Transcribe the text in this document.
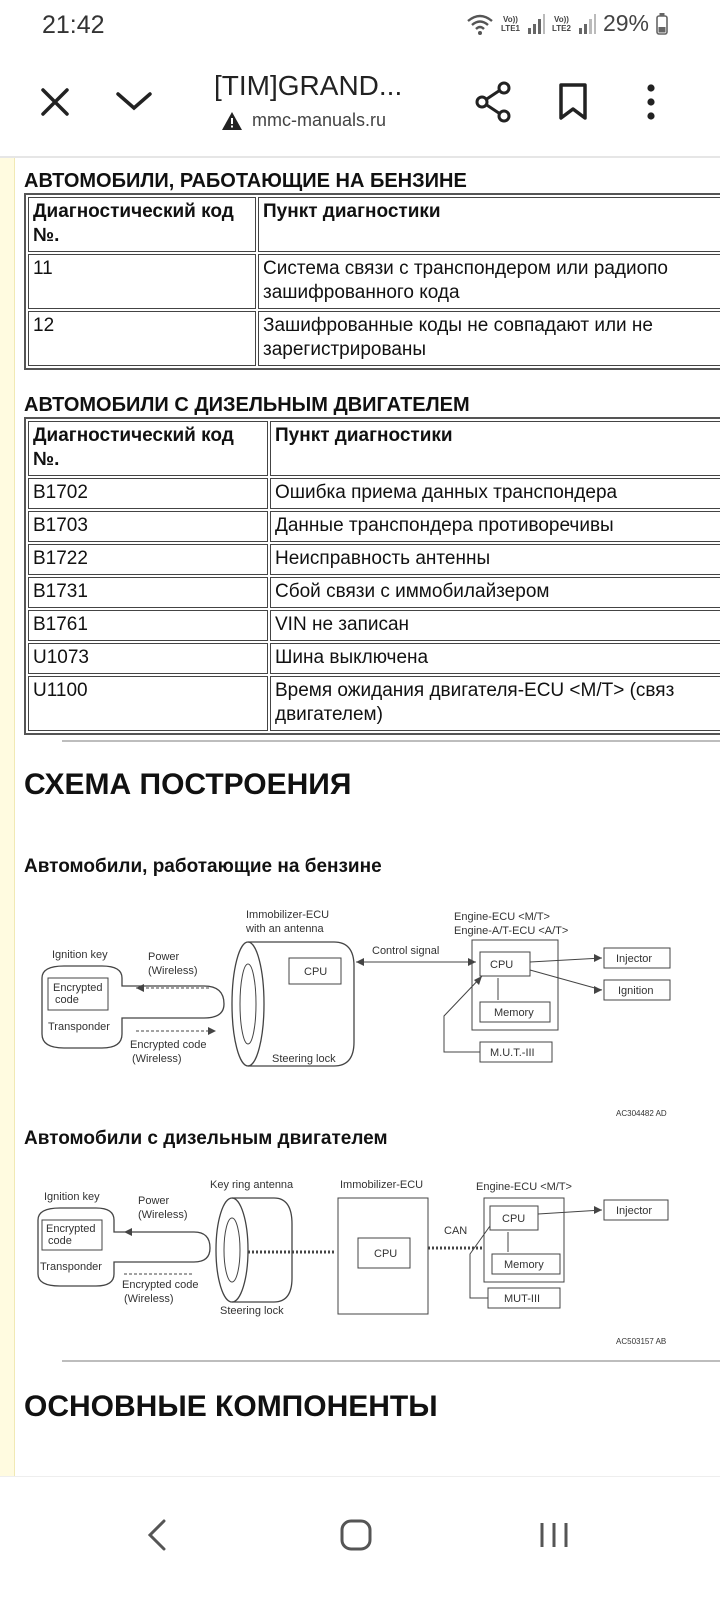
21:42	Vo))
LTE1
Vo))
LTE2 29%
[TIM]GRAND...
mmc-manuals.ru
АВТОМОБИЛИ, РАБОТАЮЩИЕ НА БЕНЗИНЕ
Диагностический код №.	Пункт диагностики
11	Система связи с транспондером или радиопо зашифрованного кода
12	Зашифрованные коды не совпадают или не зарегистрированы
АВТОМОБИЛИ С ДИЗЕЛЬНЫМ ДВИГАТЕЛЕМ
Диагностический код №.	Пункт диагностики
B1702	Ошибка приема данных транспондера
B1703	Данные транспондера противоречивы
B1722	Неисправность антенны
B1731	Сбой связи с иммобилайзером
B1761	VIN не записан
U1073	Шина выключена
U1100	Время ожидания двигателя-ECU <M/T> (связ двигателем)
СХЕМА ПОСТРОЕНИЯ
Автомобили, работающие на бензине
Ignition key
Encrypted
code
Transponder
Power
(Wireless)
Encrypted code
(Wireless)
Immobilizer-ECU
with an antenna
CPU
Steering lock
Control signal
Engine-ECU <M/T>
Engine-A/T-ECU <A/T>
CPU
Memory
Injector
Ignition
M.U.T.-III
AC304482 AD
Автомобили с дизельным двигателем
Ignition key
Encrypted
code
Transponder
Power
(Wireless)
Encrypted code
(Wireless)
Key ring antenna
Steering lock
Immobilizer-ECU
CPU
CAN
Engine-ECU <M/T>
CPU
Memory
Injector
MUT-III
AC503157 AB
ОСНОВНЫЕ КОМПОНЕНТЫ
